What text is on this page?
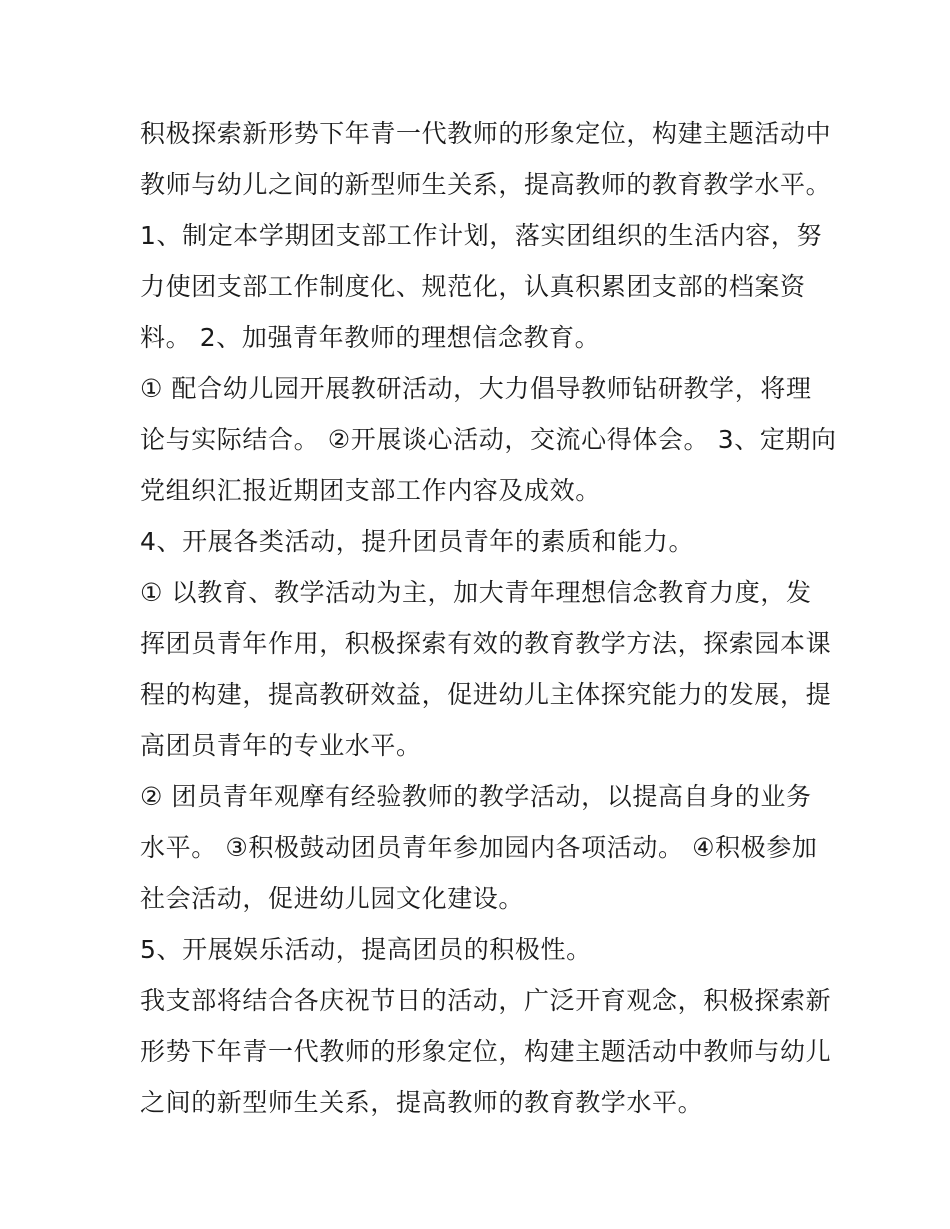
积极探索新形势下年青一代教师的形象定位，构建主题活动中
教师与幼儿之间的新型师生关系，提高教师的教育教学水平。
1、制定本学期团支部工作计划，落实团组织的生活内容，努
力使团支部工作制度化、规范化，认真积累团支部的档案资
料。 2、加强青年教师的理想信念教育。
① 配合幼儿园开展教研活动，大力倡导教师钻研教学，将理
论与实际结合。 ②开展谈心活动，交流心得体会。 3、定期向
党组织汇报近期团支部工作内容及成效。
4、开展各类活动，提升团员青年的素质和能力。
① 以教育、教学活动为主，加大青年理想信念教育力度，发
挥团员青年作用，积极探索有效的教育教学方法，探索园本课
程的构建，提高教研效益，促进幼儿主体探究能力的发展，提
高团员青年的专业水平。
② 团员青年观摩有经验教师的教学活动，以提高自身的业务
水平。 ③积极鼓动团员青年参加园内各项活动。 ④积极参加
社会活动，促进幼儿园文化建设。
5、开展娱乐活动，提高团员的积极性。
我支部将结合各庆祝节日的活动，广泛开育观念，积极探索新
形势下年青一代教师的形象定位，构建主题活动中教师与幼儿
之间的新型师生关系，提高教师的教育教学水平。
